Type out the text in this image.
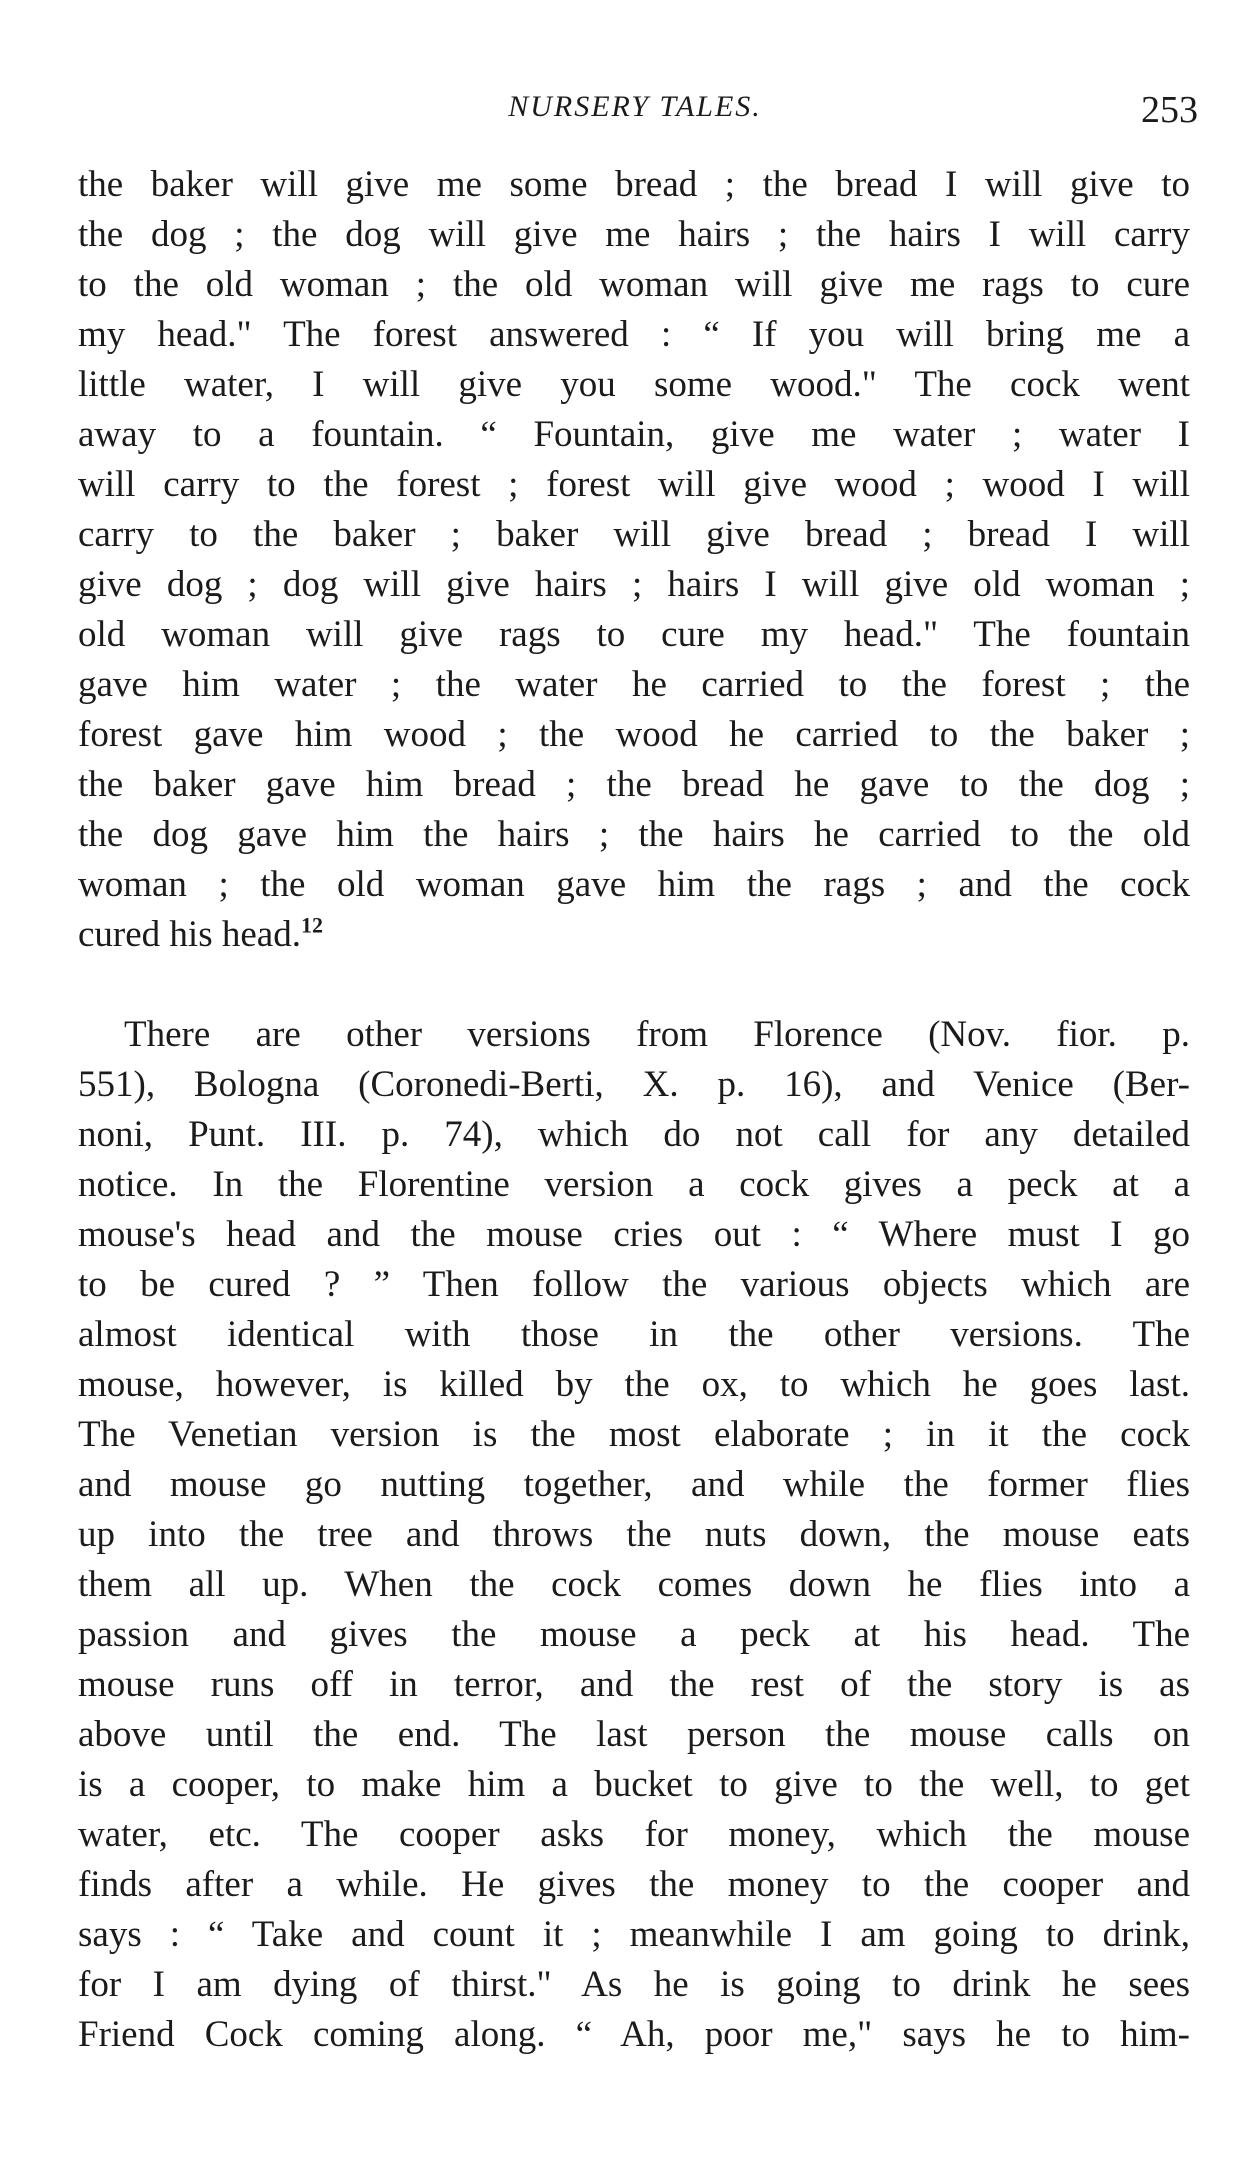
NURSERY TALES.	253
the baker will give me some bread ; the bread I will give to
the dog ; the dog will give me hairs ; the hairs I will carry
to the old woman ; the old woman will give me rags to cure
my head." The forest answered : “ If you will bring me a
little water, I will give you some wood." The cock went
away to a fountain. “ Fountain, give me water ; water I
will carry to the forest ; forest will give wood ; wood I will
carry to the baker ; baker will give bread ; bread I will
give dog ; dog will give hairs ; hairs I will give old woman ;
old woman will give rags to cure my head." The fountain
gave him water ; the water he carried to the forest ; the
forest gave him wood ; the wood he carried to the baker ;
the baker gave him bread ; the bread he gave to the dog ;
the dog gave him the hairs ; the hairs he carried to the old
woman ; the old woman gave him the rags ; and the cock
cured his head.$^{12}$
There are other versions from Florence (Nov. fior. p.
551), Bologna (Coronedi-Berti, X. p. 16), and Venice (Ber-
noni, Punt. III. p. 74), which do not call for any detailed
notice. In the Florentine version a cock gives a peck at a
mouse's head and the mouse cries out : “ Where must I go
to be cured ? ” Then follow the various objects which are
almost identical with those in the other versions. The
mouse, however, is killed by the ox, to which he goes last.
The Venetian version is the most elaborate ; in it the cock
and mouse go nutting together, and while the former flies
up into the tree and throws the nuts down, the mouse eats
them all up. When the cock comes down he flies into a
passion and gives the mouse a peck at his head. The
mouse runs off in terror, and the rest of the story is as
above until the end. The last person the mouse calls on
is a cooper, to make him a bucket to give to the well, to get
water, etc. The cooper asks for money, which the mouse
finds after a while. He gives the money to the cooper and
says : “ Take and count it ; meanwhile I am going to drink,
for I am dying of thirst." As he is going to drink he sees
Friend Cock coming along. “ Ah, poor me," says he to him-
